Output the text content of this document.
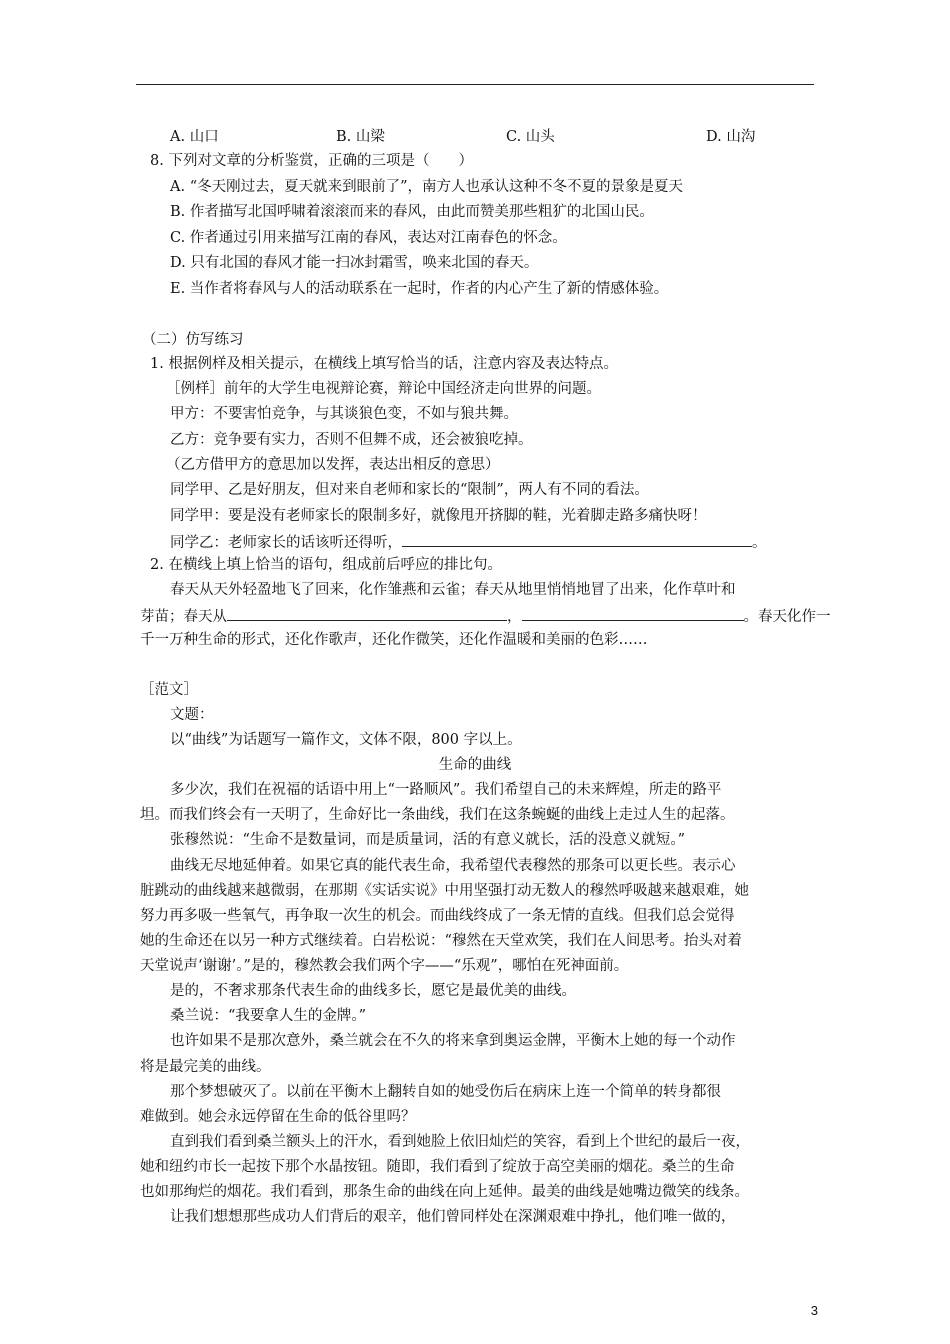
A. 山口	B. 山梁	C. 山头	D. 山沟
8. 下列对文章的分析鉴赏，正确的三项是（　　）
A. “冬天刚过去，夏天就来到眼前了”，南方人也承认这种不冬不夏的景象是夏天
B. 作者描写北国呼啸着滚滚而来的春风，由此而赞美那些粗犷的北国山民。
C. 作者通过引用来描写江南的春风，表达对江南春色的怀念。
D. 只有北国的春风才能一扫冰封霜雪，唤来北国的春天。
E. 当作者将春风与人的活动联系在一起时，作者的内心产生了新的情感体验。
（二）仿写练习
1. 根据例样及相关提示，在横线上填写恰当的话，注意内容及表达特点。
［例样］前年的大学生电视辩论赛，辩论中国经济走向世界的问题。
甲方：不要害怕竞争，与其谈狼色变，不如与狼共舞。
乙方：竞争要有实力，否则不但舞不成，还会被狼吃掉。
（乙方借甲方的意思加以发挥，表达出相反的意思）
同学甲、乙是好朋友，但对来自老师和家长的“限制”，两人有不同的看法。
同学甲：要是没有老师家长的限制多好，就像甩开挤脚的鞋，光着脚走路多痛快呀！
同学乙：老师家长的话该听还得听，	。
2. 在横线上填上恰当的语句，组成前后呼应的排比句。
春天从天外轻盈地飞了回来，化作雏燕和云雀；春天从地里悄悄地冒了出来，化作草叶和
芽苗；春天从	，	。春天化作一
千一万种生命的形式，还化作歌声，还化作微笑，还化作温暖和美丽的色彩……
［范文］
文题：
以“曲线”为话题写一篇作文，文体不限，800 字以上。
生命的曲线
多少次，我们在祝福的话语中用上“一路顺风”。我们希望自己的未来辉煌，所走的路平
坦。而我们终会有一天明了，生命好比一条曲线，我们在这条蜿蜒的曲线上走过人生的起落。
张穆然说：“生命不是数量词，而是质量词，活的有意义就长，活的没意义就短。”
曲线无尽地延伸着。如果它真的能代表生命，我希望代表穆然的那条可以更长些。表示心
脏跳动的曲线越来越微弱，在那期《实话实说》中用坚强打动无数人的穆然呼吸越来越艰难，她
努力再多吸一些氧气，再争取一次生的机会。而曲线终成了一条无情的直线。但我们总会觉得
她的生命还在以另一种方式继续着。白岩松说：“穆然在天堂欢笑，我们在人间思考。抬头对着
天堂说声‘谢谢’。”是的，穆然教会我们两个字——“乐观”，哪怕在死神面前。
是的，不奢求那条代表生命的曲线多长，愿它是最优美的曲线。
桑兰说：“我要拿人生的金牌。”
也许如果不是那次意外，桑兰就会在不久的将来拿到奥运金牌，平衡木上她的每一个动作
将是最完美的曲线。
那个梦想破灭了。以前在平衡木上翻转自如的她受伤后在病床上连一个简单的转身都很
难做到。她会永远停留在生命的低谷里吗？
直到我们看到桑兰额头上的汗水，看到她脸上依旧灿烂的笑容，看到上个世纪的最后一夜，
她和纽约市长一起按下那个水晶按钮。随即，我们看到了绽放于高空美丽的烟花。桑兰的生命
也如那绚烂的烟花。我们看到，那条生命的曲线在向上延伸。最美的曲线是她嘴边微笑的线条。
让我们想想那些成功人们背后的艰辛，他们曾同样处在深渊艰难中挣扎，他们唯一做的，
3
